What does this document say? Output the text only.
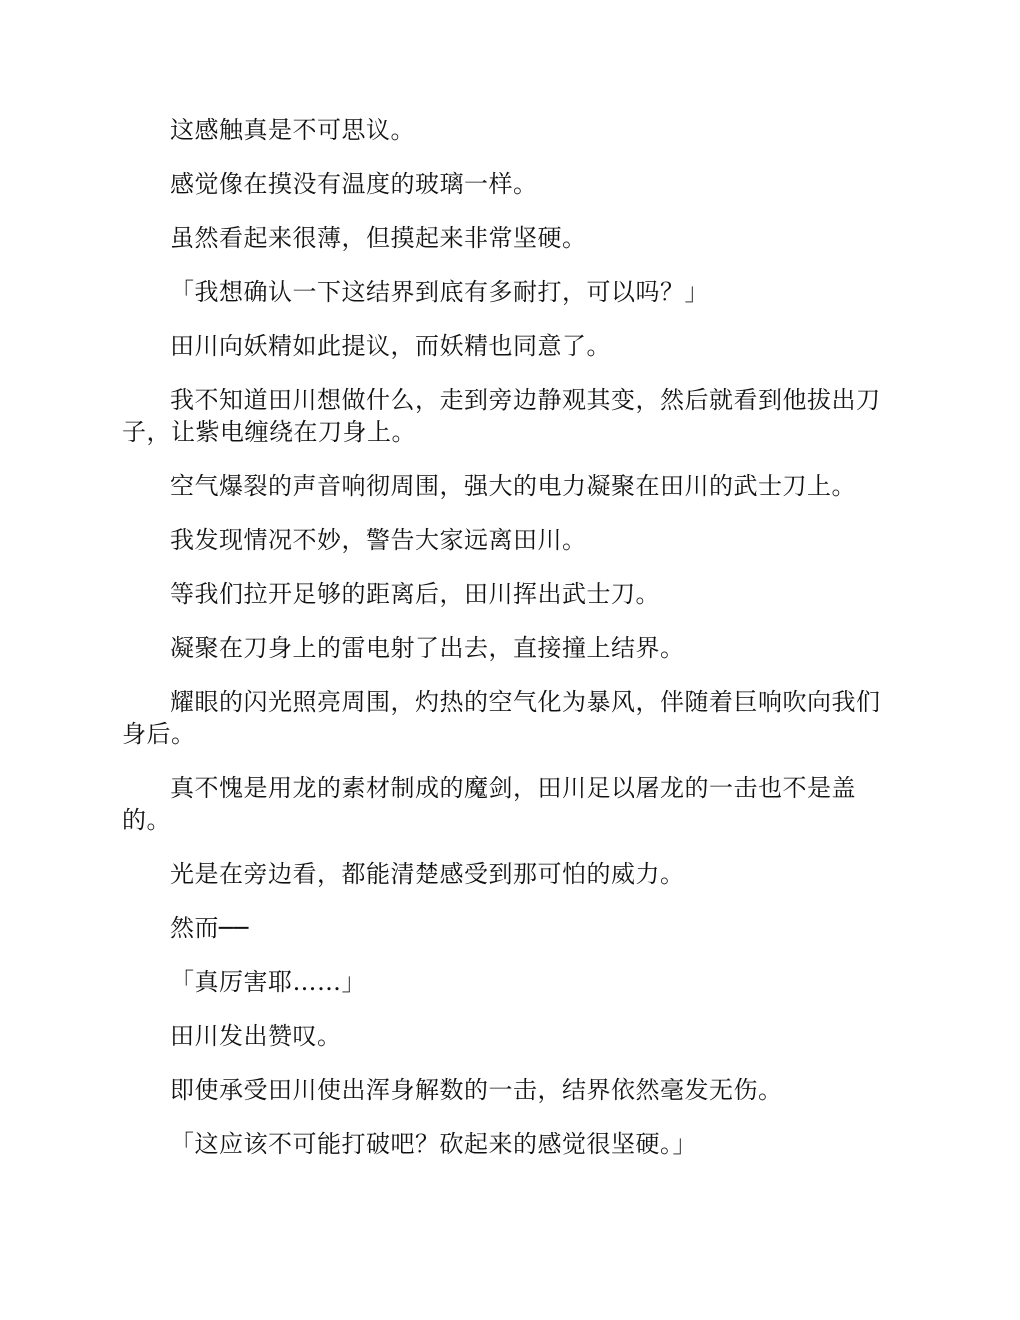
这感触真是不可思议。

感觉像在摸没有温度的玻璃一样。

虽然看起来很薄，但摸起来非常坚硬。

「我想确认一下这结界到底有多耐打，可以吗？」

田川向妖精如此提议，而妖精也同意了。

我不知道田川想做什么，走到旁边静观其变，然后就看到他拔出刀子，让紫电缠绕在刀身上。

空气爆裂的声音响彻周围，强大的电力凝聚在田川的武士刀上。

我发现情况不妙，警告大家远离田川。

等我们拉开足够的距离后，田川挥出武士刀。

凝聚在刀身上的雷电射了出去，直接撞上结界。

耀眼的闪光照亮周围，灼热的空气化为暴风，伴随着巨响吹向我们身后。

真不愧是用龙的素材制成的魔剑，田川足以屠龙的一击也不是盖的。

光是在旁边看，都能清楚感受到那可怕的威力。

然而──

「真厉害耶……」

田川发出赞叹。

即使承受田川使出浑身解数的一击，结界依然毫发无伤。

「这应该不可能打破吧？砍起来的感觉很坚硬。」
